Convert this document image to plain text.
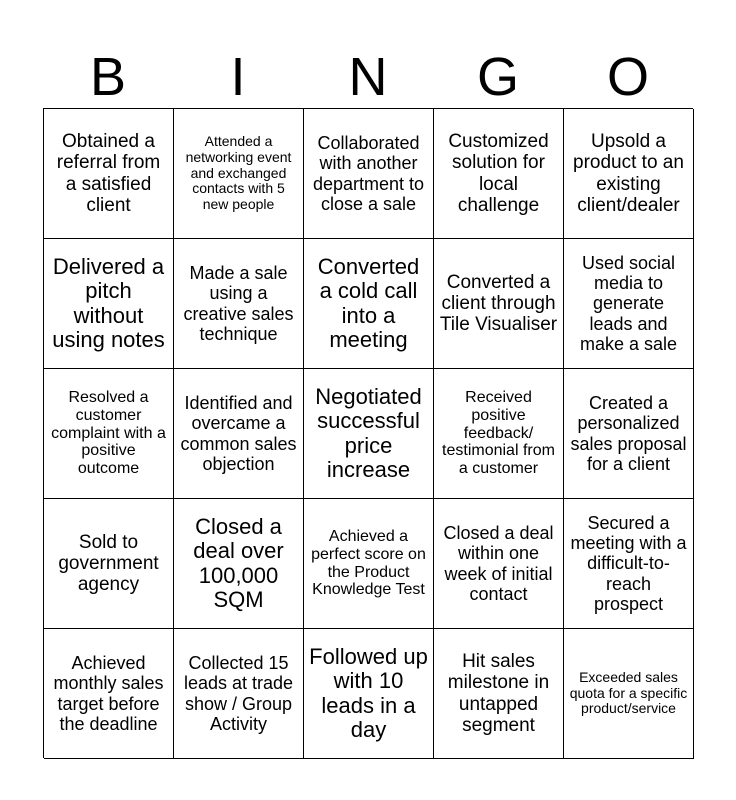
B	I	N	G	O
Obtained a referral from a satisfied client
Attended a networking event and exchanged contacts with 5 new people
Collaborated with another department to close a sale
Customized solution for local challenge
Upsold a product to an existing client/dealer
Delivered a pitch without using notes
Made a sale using a creative sales technique
Converted a cold call into a meeting
Converted a client through Tile Visualiser
Used social media to generate leads and make a sale
Resolved a customer complaint with a positive outcome
Identified and overcame a common sales objection
Negotiated successful price increase
Received positive feedback/ testimonial from a customer
Created a personalized sales proposal for a client
Sold to government agency
Closed a deal over 100,000 SQM
Achieved a perfect score on the Product Knowledge Test
Closed a deal within one week of initial contact
Secured a meeting with a difficult-to-reach prospect
Achieved monthly sales target before the deadline
Collected 15 leads at trade show / Group Activity
Followed up with 10 leads in a day
Hit sales milestone in untapped segment
Exceeded sales quota for a specific product/service
